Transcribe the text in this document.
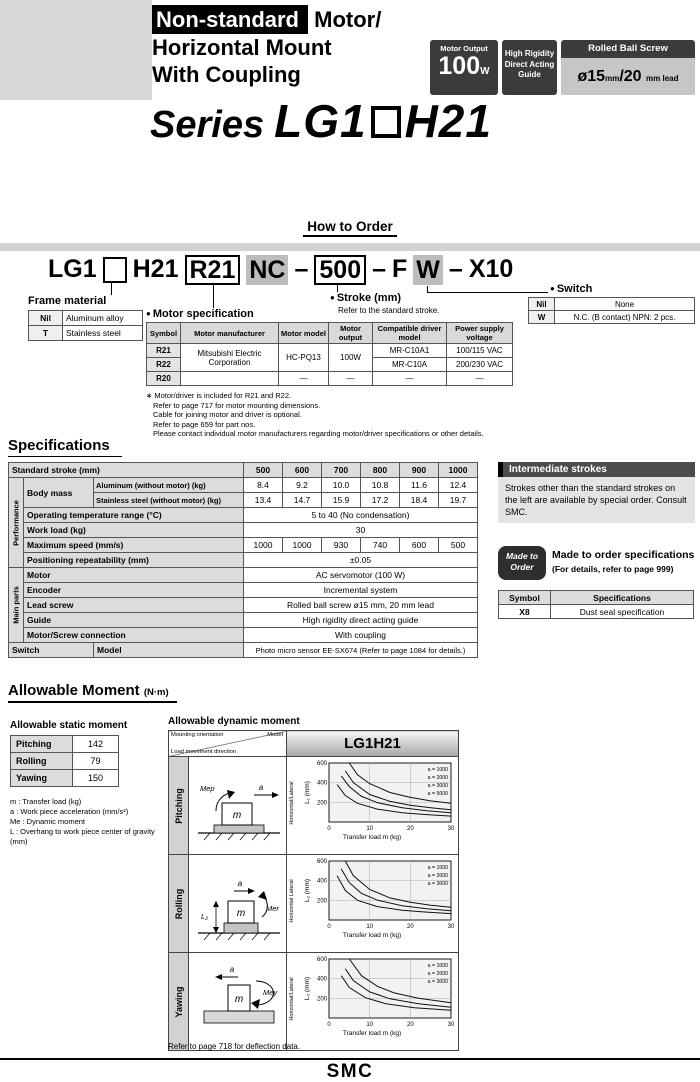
Non-standard Motor/
Horizontal Mount
With Coupling
Motor Output
100W
High Rigidity
Direct Acting
Guide
Rolled Ball Screw
ø15mm/20 mm lead
Series LG1 H21
How to Order
LG1 H21 R21 NC – 500 – F W – X10
Frame material
Nil	Aluminum alloy
T	Stainless steel
● Motor specification
Symbol	Motor manufacturer	Motor model	Motor output	Compatible driver model	Power supply voltage
R21	Mitsubishi Electric Corporation	HC-PQ13	100W	MR-C10A1	100/115 VAC
R22				MR-C10A	200/230 VAC
R20		—	—	—	—
∗ Motor/driver is included for R21 and R22.
Refer to page 717 for motor mounting dimensions.
Cable for joining motor and driver is optional.
Refer to page 659 for part nos.
Please contact individual motor manufacturers regarding motor/driver specifications or other details.
● Stroke (mm)
Refer to the standard stroke.
● Switch
Nil	None
W	N.C. (B contact) NPN: 2 pcs.
Specifications
Standard stroke (mm)			500	600	700	800	900	1000

Performance	Body mass	Aluminum (without motor) (kg)	8.4	9.2	10.0	10.8	11.6	12.4
		Stainless steel (without motor) (kg)	13.4	14.7	15.9	17.2	18.4	19.7
	Operating temperature range (°C)		5 to 40 (No condensation)					
	Work load (kg)		30					
	Maximum speed (mm/s)		1000	1000	930	740	600	500
	Positioning repeatability (mm)		±0.05					

Main parts	Motor		AC servomotor (100 W)					
	Encoder		Incremental system					
	Lead screw		Rolled ball screw ø15 mm, 20 mm lead					
	Guide		High rigidity direct acting guide					
	Motor/Screw connection		With coupling					
Switch		Model	Photo micro sensor EE-SX674 (Refer to page 1084 for details.)					
Intermediate strokes
Strokes other than the standard strokes on the left are available by special order. Consult SMC.
Made to Order
Made to order specifications
(For details, refer to page 999)
Symbol	Specifications
X8	Dust seal specification
Allowable Moment (N·m)
Allowable static moment
Pitching	142
Rolling	79
Yawing	150
m : Transfer load (kg)
a : Work piece acceleration (mm/s²)
Me : Dynamic moment
L : Overhang to work piece center of gravity (mm)
Allowable dynamic moment
Mounting orientation Model
Load movement direction		LG1H21

Pitching	m
a
Mep	Horizontal/Lateral
0	10	20	30
200
400
600
a = 1000
a = 2000
a = 3000
a = 5000
L₁ (mm)
Transfer load m (kg)

Rolling	m
L₂
a
Mer	Horizontal Lateral
0	10	20	30
200
400
600
a = 1000
a = 2000
a = 3000
L₂ (mm)
Transfer load m (kg)

Yawing	m
a
Mey	Horizontal/Lateral
0	10	20	30
200
400
600
a = 1000
a = 2000
a = 3000
L₃ (mm)
Transfer load m (kg)
Refer to page 718 for deflection data.
SMC
